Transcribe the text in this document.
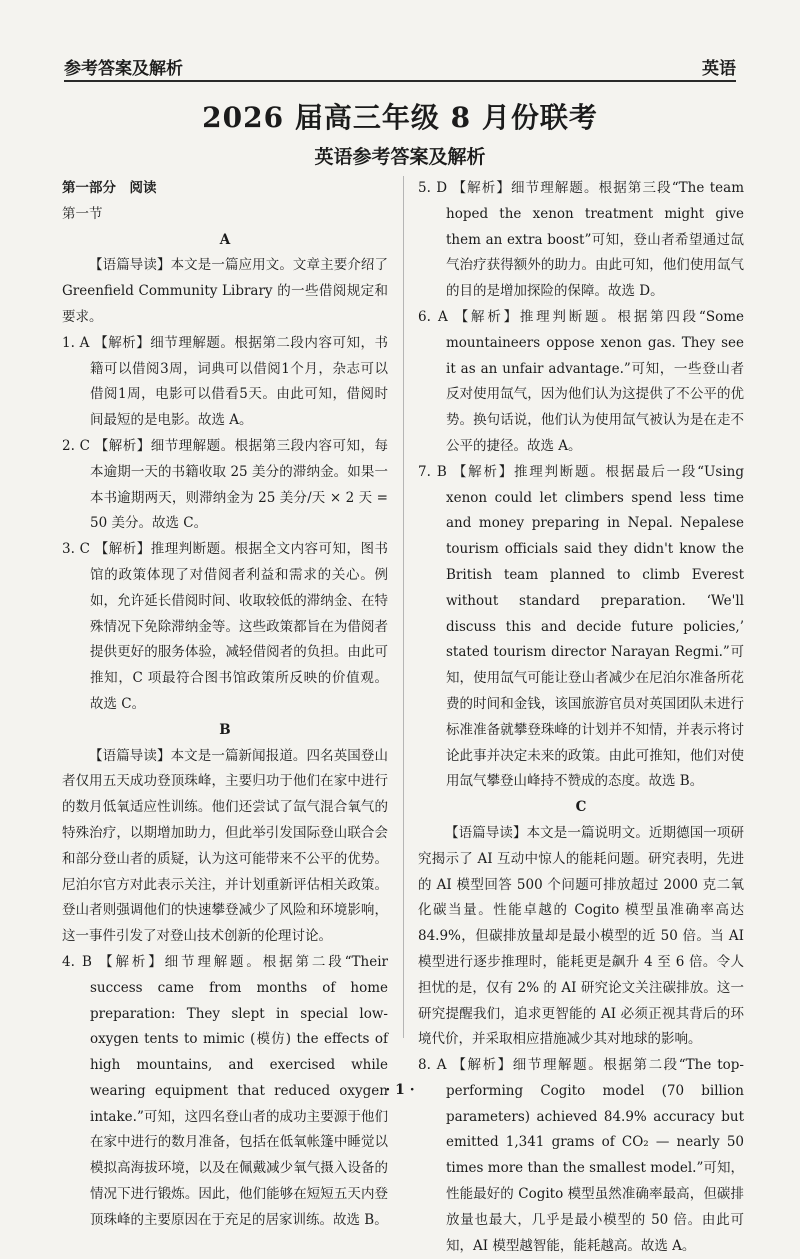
参考答案及解析	英语
2026 届高三年级 8 月份联考
英语参考答案及解析

第一部分　阅读

第一节

A

【语篇导读】本文是一篇应用文。文章主要介绍了 Greenfield Community Library 的一些借阅规定和要求。

1. A 【解析】细节理解题。根据第二段内容可知，书籍可以借阅3周，词典可以借阅1个月，杂志可以借阅1周，电影可以借看5天。由此可知，借阅时间最短的是电影。故选 A。

2. C 【解析】细节理解题。根据第三段内容可知，每本逾期一天的书籍收取 25 美分的滞纳金。如果一本书逾期两天，则滞纳金为 25 美分/天 × 2 天 = 50 美分。故选 C。

3. C 【解析】推理判断题。根据全文内容可知，图书馆的政策体现了对借阅者利益和需求的关心。例如，允许延长借阅时间、收取较低的滞纳金、在特殊情况下免除滞纳金等。这些政策都旨在为借阅者提供更好的服务体验，减轻借阅者的负担。由此可推知，C 项最符合图书馆政策所反映的价值观。故选 C。

B

【语篇导读】本文是一篇新闻报道。四名英国登山者仅用五天成功登顶珠峰，主要归功于他们在家中进行的数月低氧适应性训练。他们还尝试了氙气混合氧气的特殊治疗，以期增加助力，但此举引发国际登山联合会和部分登山者的质疑，认为这可能带来不公平的优势。尼泊尔官方对此表示关注，并计划重新评估相关政策。登山者则强调他们的快速攀登减少了风险和环境影响，这一事件引发了对登山技术创新的伦理讨论。

4. B 【解析】细节理解题。根据第二段“Their success came from months of home preparation: They slept in special low-oxygen tents to mimic (模仿) the effects of high mountains, and exercised while wearing equipment that reduced oxygen intake.”可知，这四名登山者的成功主要源于他们在家中进行的数月准备，包括在低氧帐篷中睡觉以模拟高海拔环境，以及在佩戴减少氧气摄入设备的情况下进行锻炼。因此，他们能够在短短五天内登顶珠峰的主要原因在于充足的居家训练。故选 B。

5. D 【解析】细节理解题。根据第三段“The team hoped the xenon treatment might give them an extra boost”可知，登山者希望通过氙气治疗获得额外的助力。由此可知，他们使用氙气的目的是增加探险的保障。故选 D。

6. A 【解析】推理判断题。根据第四段“Some mountaineers oppose xenon gas. They see it as an unfair advantage.”可知，一些登山者反对使用氙气，因为他们认为这提供了不公平的优势。换句话说，他们认为使用氙气被认为是在走不公平的捷径。故选 A。

7. B 【解析】推理判断题。根据最后一段“Using xenon could let climbers spend less time and money preparing in Nepal. Nepalese tourism officials said they didn't know the British team planned to climb Everest without standard preparation. ‘We'll discuss this and decide future policies,’ stated tourism director Narayan Regmi.”可知，使用氙气可能让登山者减少在尼泊尔准备所花费的时间和金钱，该国旅游官员对英国团队未进行标准准备就攀登珠峰的计划并不知情，并表示将讨论此事并决定未来的政策。由此可推知，他们对使用氙气攀登山峰持不赞成的态度。故选 B。

C

【语篇导读】本文是一篇说明文。近期德国一项研究揭示了 AI 互动中惊人的能耗问题。研究表明，先进的 AI 模型回答 500 个问题可排放超过 2000 克二氧化碳当量。性能卓越的 Cogito 模型虽准确率高达 84.9%，但碳排放量却是最小模型的近 50 倍。当 AI 模型进行逐步推理时，能耗更是飙升 4 至 6 倍。令人担忧的是，仅有 2% 的 AI 研究论文关注碳排放。这一研究提醒我们，追求更智能的 AI 必须正视其背后的环境代价，并采取相应措施减少其对地球的影响。

8. A 【解析】细节理解题。根据第二段“The top-performing Cogito model (70 billion parameters) achieved 84.9% accuracy but emitted 1,341 grams of CO₂ — nearly 50 times more than the smallest model.”可知，性能最好的 Cogito 模型虽然准确率最高，但碳排放量也最大，几乎是最小模型的 50 倍。由此可知，AI 模型越智能，能耗越高。故选 A。

· 1 ·
